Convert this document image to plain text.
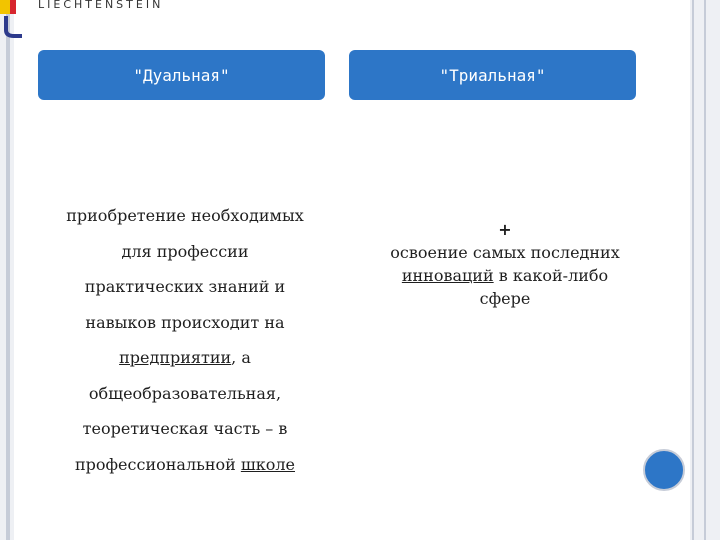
LIECHTENSTEIN
"Дуальная"	"Триальная"
приобретение необходимых
для профессии
практических знаний и
навыков происходит на
предприятии, а
общеобразовательная,
теоретическая часть – в
профессиональной школе
+
освоение самых последних
инноваций в какой-либо
сфере
